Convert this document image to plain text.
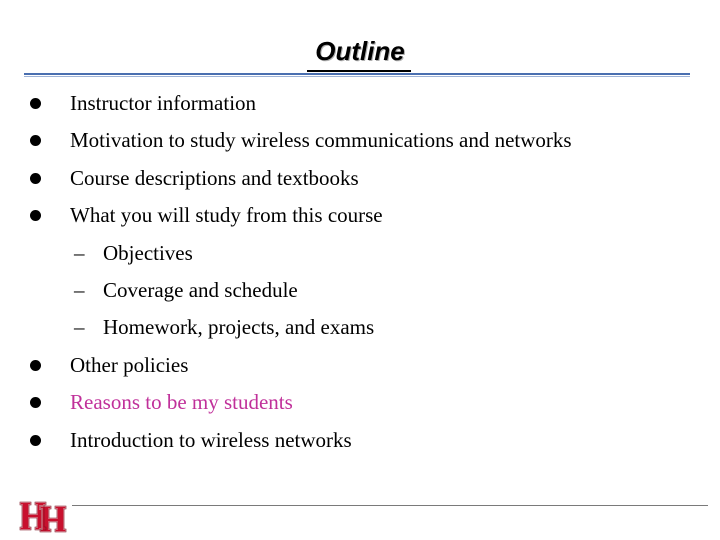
Outline
Instructor information
Motivation to study wireless communications and networks
Course descriptions and textbooks
What you will study from this course
– Objectives
– Coverage and schedule
– Homework, projects, and exams
Other policies
Reasons to be my students
Introduction to wireless networks
